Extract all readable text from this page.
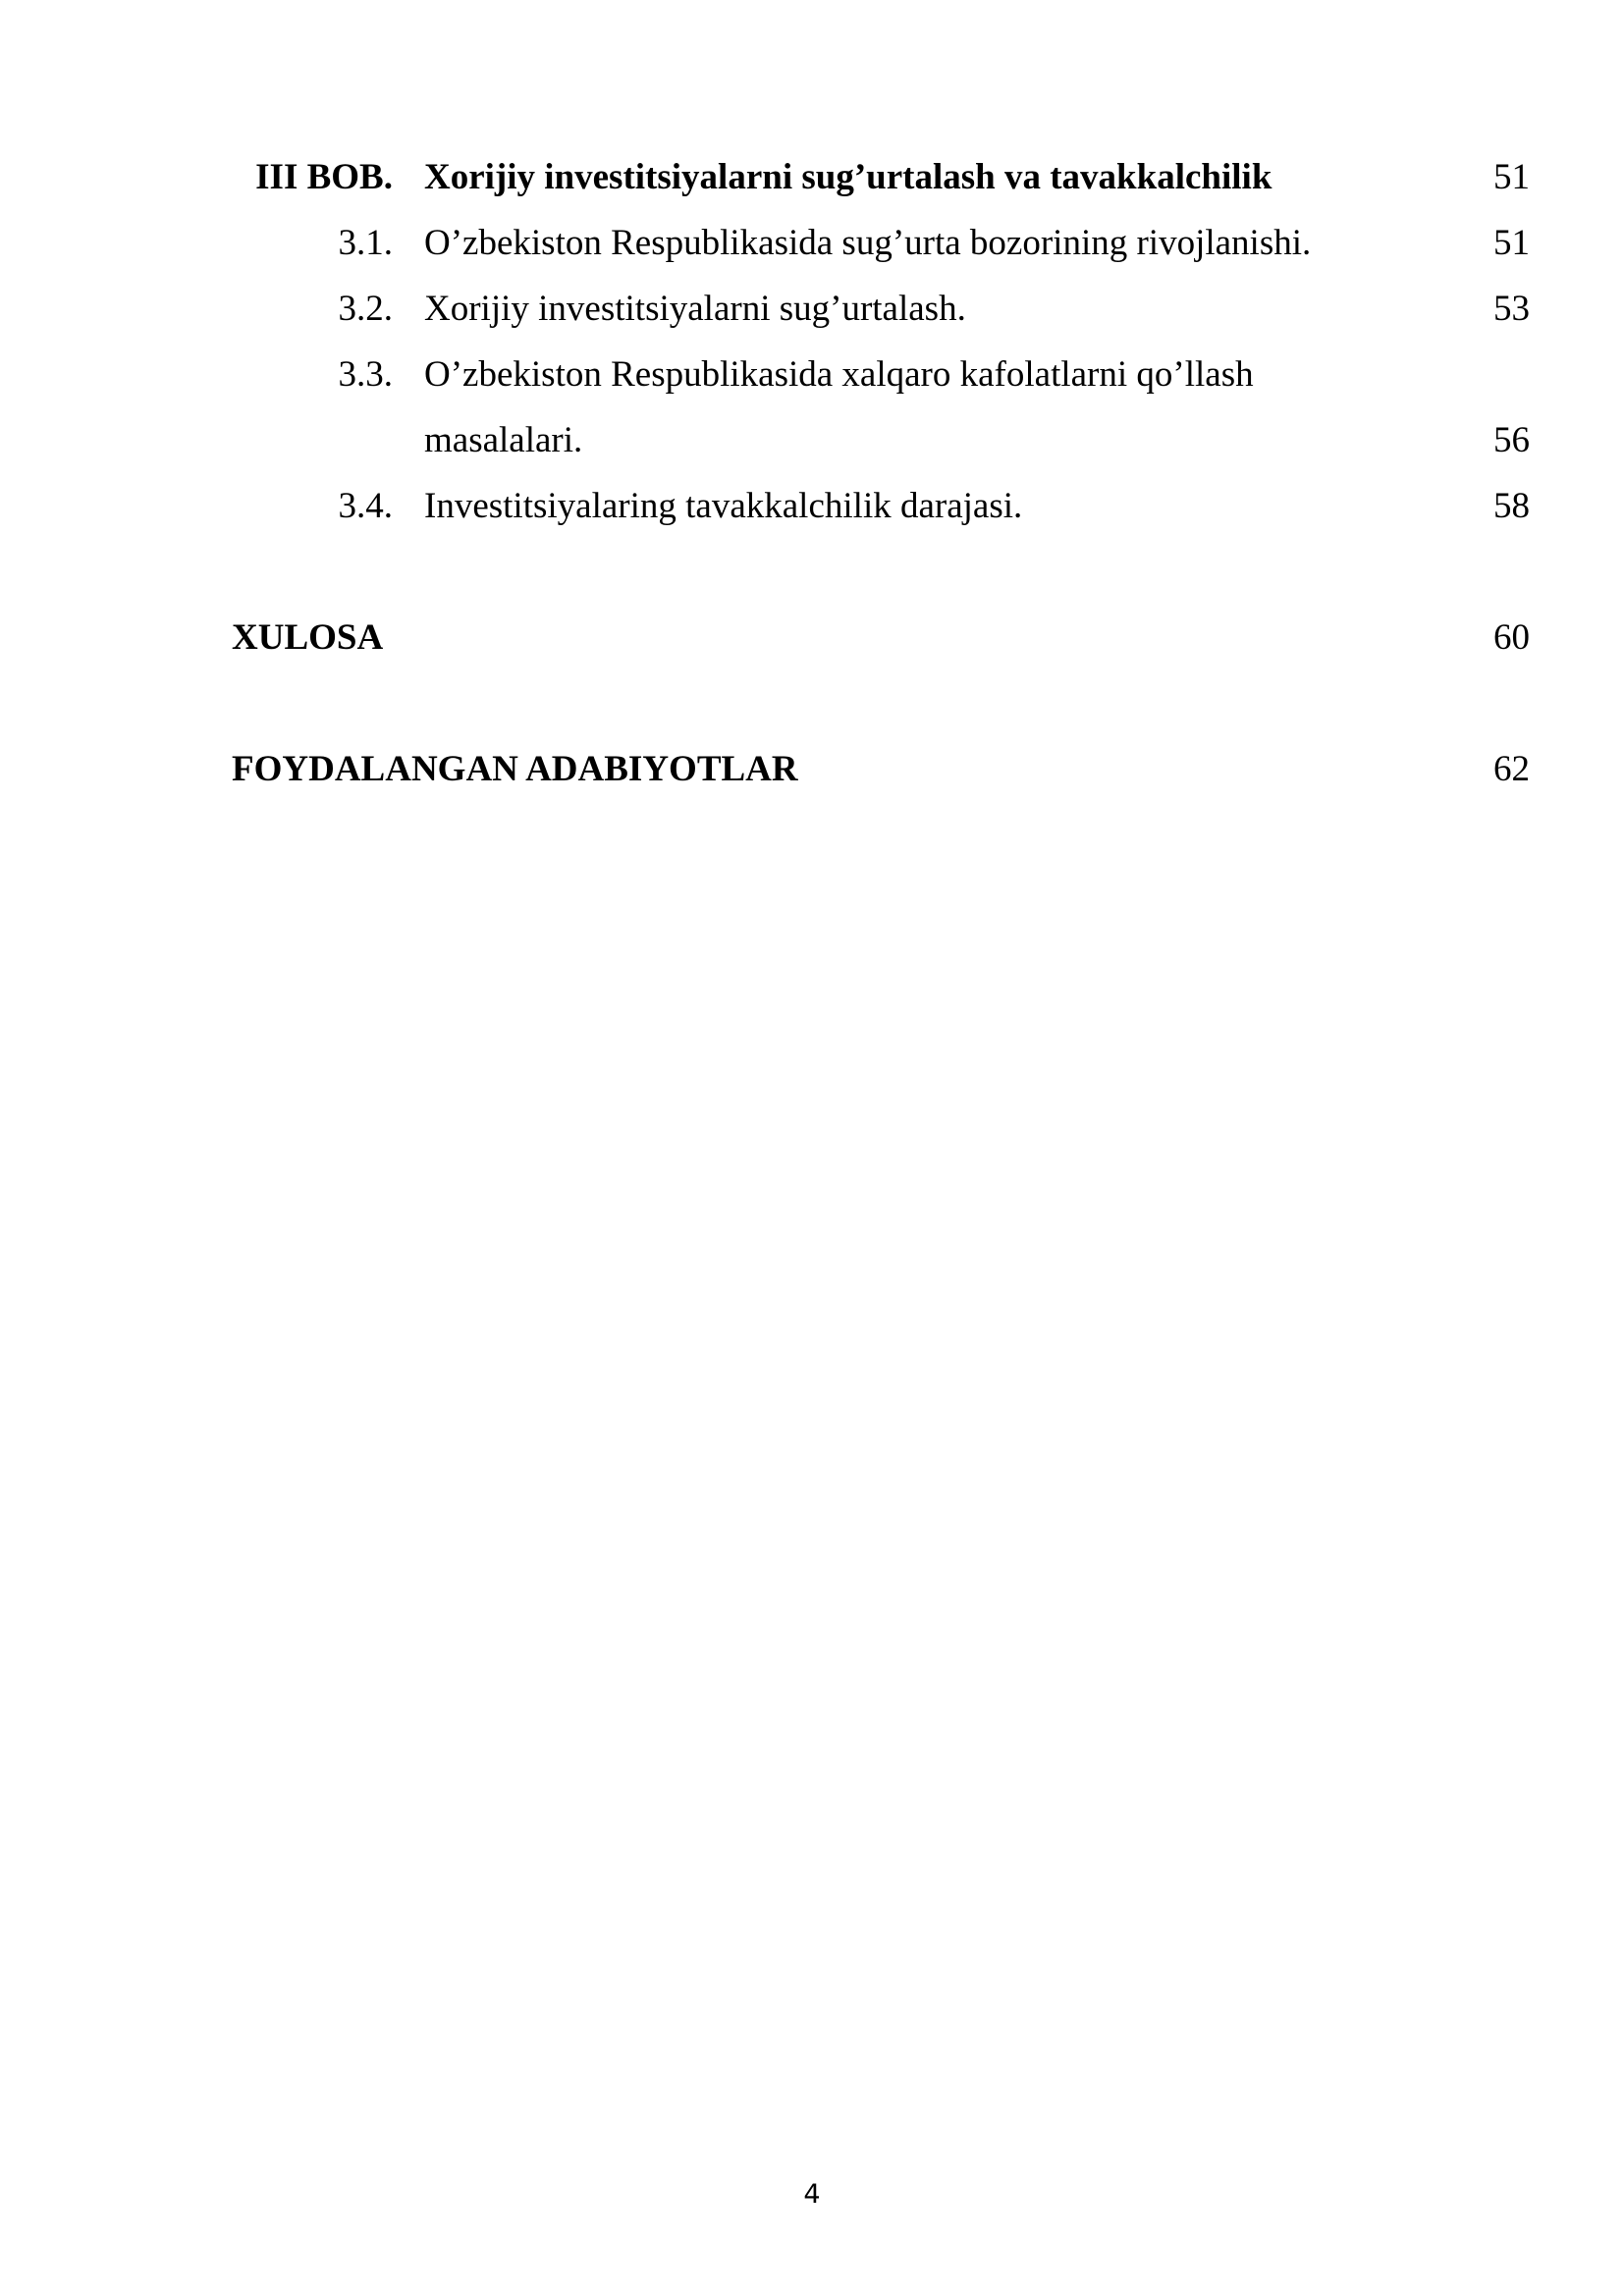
III BOB. Xorijiy investitsiyalarni sug’urtalash va tavakkalchilik	51
3.1. O’zbekiston Respublikasida sug’urta bozorining rivojlanishi.	51
3.2. Xorijiy investitsiyalarni sug’urtalash.	53
3.3. O’zbekiston Respublikasida xalqaro kafolatlarni qo’llash
masalalari.	56
3.4. Investitsiyalaring tavakkalchilik darajasi.	58
XULOSA	60
FOYDALANGAN ADABIYOTLAR	62
4
